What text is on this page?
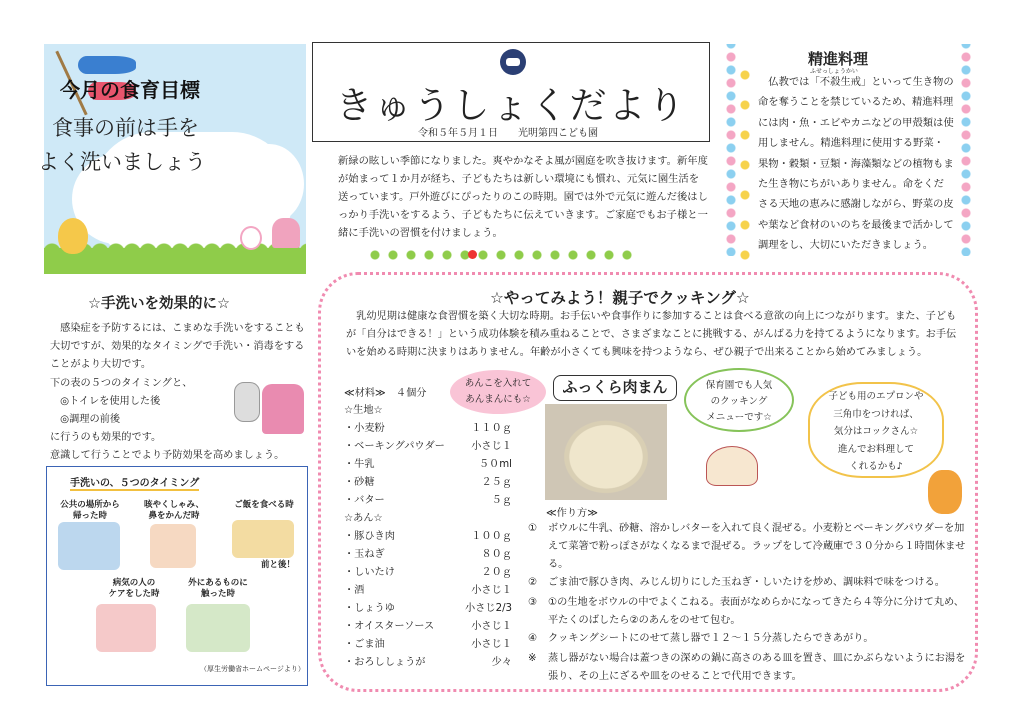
今月の食育目標
食事の前は手を
よく洗いましょう
きゅうしょくだより
令和５年５月１日　　光明第四こども園
新緑の眩しい季節になりました。爽やかなそよ風が園庭を吹き抜けます。新年度が始まって１か月が経ち、子どもたちは新しい環境にも慣れ、元気に園生活を送っています。戸外遊びにぴったりのこの時期。園では外で元気に遊んだ後はしっかり手洗いをするよう、子どもたちに伝えていきます。ご家庭でもお子様と一緒に手洗いの習慣を付けましょう。
精進料理
ふせっしょうかい
　仏教では「不殺生戒」といって生き物の命を奪うことを禁じているため、精進料理には肉・魚・エビやカニなどの甲殻類は使用しません。精進料理に使用する野菜・果物・穀類・豆類・海藻類などの植物もまた生き物にちがいありません。命をくださる天地の恵みに感謝しながら、野菜の皮や葉など食材のいのちを最後まで活かして調理をし、大切にいただきましょう。
☆手洗いを効果的に☆
　感染症を予防するには、こまめな手洗いをすることも大切ですが、効果的なタイミングで手洗い・消毒をすることがより大切です。
下の表の５つのタイミングと、
　◎トイレを使用した後
　◎調理の前後
に行うのも効果的です。
意識して行うことでより予防効果を高めましょう。
手洗いの、５つのタイミング
公共の場所から
帰った時
咳やくしゃみ、
鼻をかんだ時
ご飯を食べる時
前と後！
病気の人の
ケアをした時
外にあるものに
触った時
（厚生労働省ホームページより）
☆やってみよう！親子でクッキング☆
　乳幼児期は健康な食習慣を築く大切な時期。お手伝いや食事作りに参加することは食べる意欲の向上につながります。また、子どもが「自分はできる！」という成功体験を積み重ねることで、さまざまなことに挑戦する、がんばる力を持てるようになります。お手伝いを始める時期に決まりはありません。年齢が小さくても興味を持つようなら、ぜひ親子で出来ることから始めてみましょう。
≪材料≫　４個分
☆生地☆
・小麦粉	１１０ｇ
・ベーキングパウダー	小さじ１
・牛乳	５０ml
・砂糖	２５ｇ
・バター	５ｇ
☆あん☆
・豚ひき肉	１００ｇ
・玉ねぎ	８０ｇ
・しいたけ	２０ｇ
・酒	小さじ１
・しょうゆ	小さじ2/3
・オイスターソース	小さじ１
・ごま油	小さじ１
・おろししょうが	少々
あんこを入れて
あんまんにも☆
ふっくら肉まん	保育園でも人気
のクッキング
メニューです☆
子ども用のエプロンや
三角巾をつければ、
気分はコックさん☆
進んでお料理して
くれるかも♪
≪作り方≫
①	ボウルに牛乳、砂糖、溶かしバターを入れて良く混ぜる。小麦粉とベーキングパウダーを加えて菜箸で粉っぽさがなくなるまで混ぜる。ラップをして冷蔵庫で３０分から１時間休ませる。
②	ごま油で豚ひき肉、みじん切りにした玉ねぎ・しいたけを炒め、調味料で味をつける。
③	①の生地をボウルの中でよくこねる。表面がなめらかになってきたら４等分に分けて丸め、平たくのばしたら②のあんをのせて包む。
④	クッキングシートにのせて蒸し器で１２～１５分蒸したらできあがり。
※	蒸し器がない場合は蓋つきの深めの鍋に高さのある皿を置き、皿にかぶらないようにお湯を張り、その上にざるや皿をのせることで代用できます。
